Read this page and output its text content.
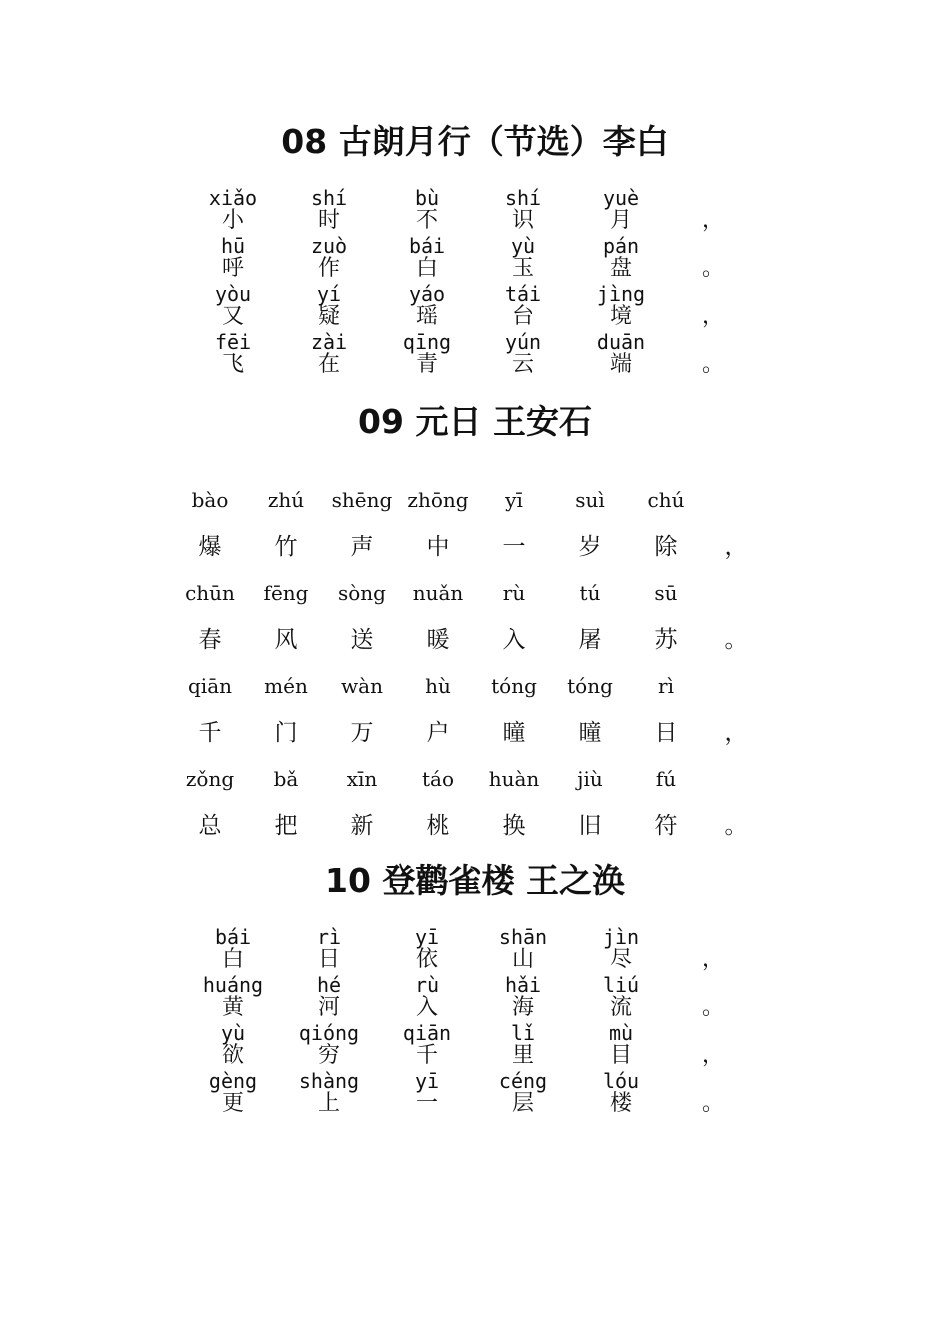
08 古朗月行（节选）李白
xiǎo	shí	bù	shí	yuè
小	时	不	识	月	，
hū	zuò	bái	yù	pán
呼	作	白	玉	盘	。
yòu	yí	yáo	tái	jìng
又	疑	瑶	台	境	，
fēi	zài	qīng	yún	duān
飞	在	青	云	端	。
09 元日 王安石
bào zhú shēng zhōng yī	suì chú
爆 竹 声 中 一 岁 除 ，
chūn fēng sòng nuǎn rù	tú	sū
春 风 送 暖 入 屠 苏 。
qiān mén wàn hù tóng tóng rì
千 门 万 户 曈 曈 日 ，
zǒng bǎ xīn táo huàn jiù	fú
总 把 新 桃 换 旧 符 。
10 登鹳雀楼 王之涣
bái	rì	yī	shān	jìn
白	日	依	山	尽	，
huáng	hé	rù	hǎi	liú
黄	河	入	海	流	。
yù	qióng qiān	lǐ	mù
欲	穷	千	里	目	，
gèng shàng	yī	céng	lóu
更	上	一	层	楼	。
